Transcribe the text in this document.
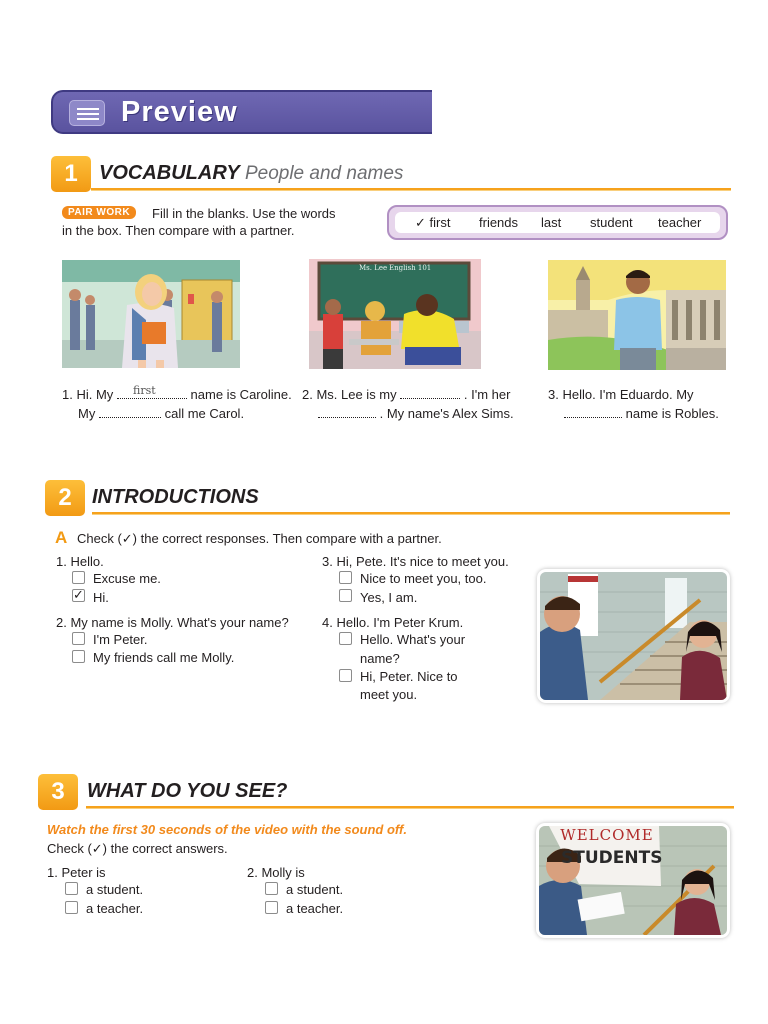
Preview
1	VOCABULARY People and names
PAIR WORK	Fill in the blanks. Use the words
in the box. Then compare with a partner.
✓ first friends last student teacher
Ms. Lee English 101
1. Hi. My	name is Caroline.
first
My	call me Carol.
2. Ms. Lee is my	. I'm her
. My name's Alex Sims.
3. Hello. I'm Eduardo. My
name is Robles.
2	INTRODUCTIONS
A Check (✓) the correct responses. Then compare with a partner.
1. Hello.
Excuse me.
✓ Hi.
2. My name is Molly. What's your name?
I'm Peter.
My friends call me Molly.
3. Hi, Pete. It's nice to meet you.
Nice to meet you, too.
Yes, I am.
4. Hello. I'm Peter Krum.
Hello. What's your
name?
Hi, Peter. Nice to
meet you.
3	WHAT DO YOU SEE?
Watch the first 30 seconds of the video with the sound off.
Check (✓) the correct answers.
1. Peter is
a student.
a teacher.
2. Molly is
a student.
a teacher.
WELCOME
STUDENTS
